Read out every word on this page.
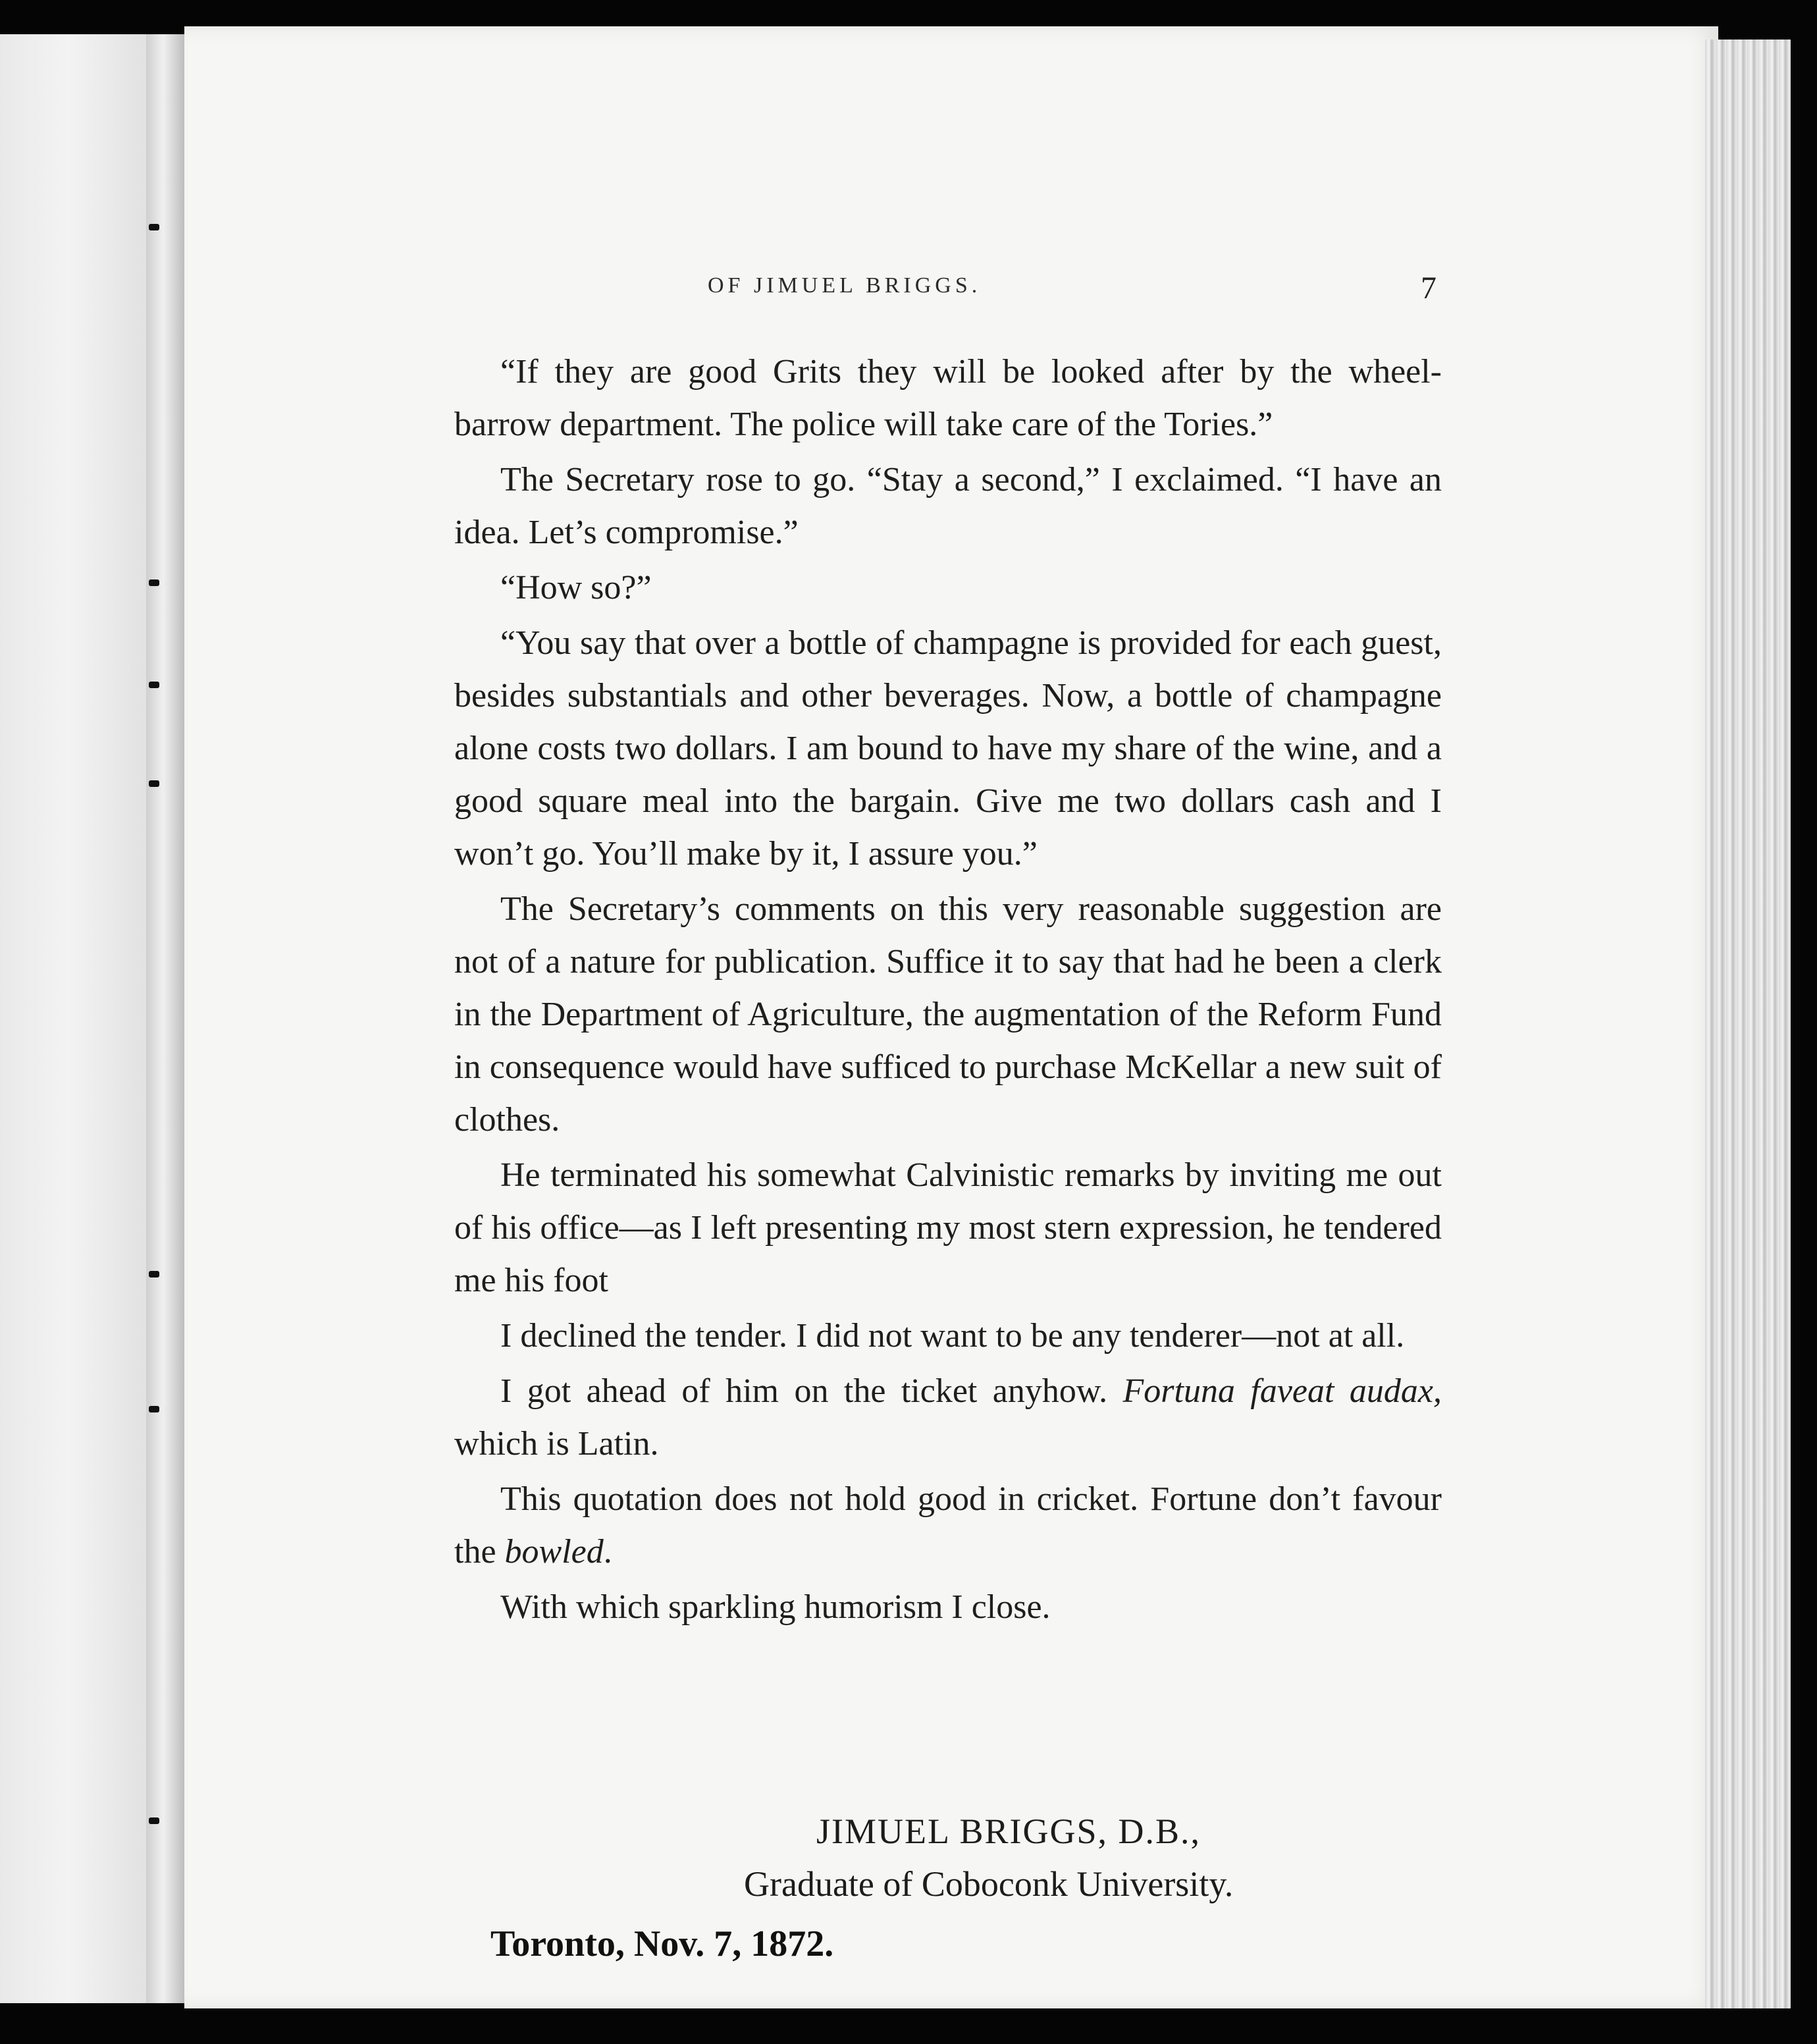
OF JIMUEL BRIGGS.	7

“If they are good Grits they will be looked after by the wheel-barrow department. The police will take care of the Tories.”

The Secretary rose to go. “Stay a second,” I exclaimed. “I have an idea. Let’s compromise.”

“How so?”

“You say that over a bottle of champagne is provided for each guest, besides substantials and other beverages. Now, a bottle of champagne alone costs two dollars. I am bound to have my share of the wine, and a good square meal into the bargain. Give me two dollars cash and I won’t go. You’ll make by it, I assure you.”

The Secretary’s comments on this very reasonable suggestion are not of a nature for publication. Suffice it to say that had he been a clerk in the Department of Agriculture, the augmentation of the Reform Fund in consequence would have sufficed to purchase McKellar a new suit of clothes.

He terminated his somewhat Calvinistic remarks by inviting me out of his office—as I left presenting my most stern expression, he tendered me his foot

I declined the tender. I did not want to be any tenderer—not at all.

I got ahead of him on the ticket anyhow. Fortuna faveat audax, which is Latin.

This quotation does not hold good in cricket. Fortune don’t favour the bowled.

With which sparkling humorism I close.

JIMUEL BRIGGS, D.B.,
Graduate of Coboconk University.
Toronto, Nov. 7, 1872.
